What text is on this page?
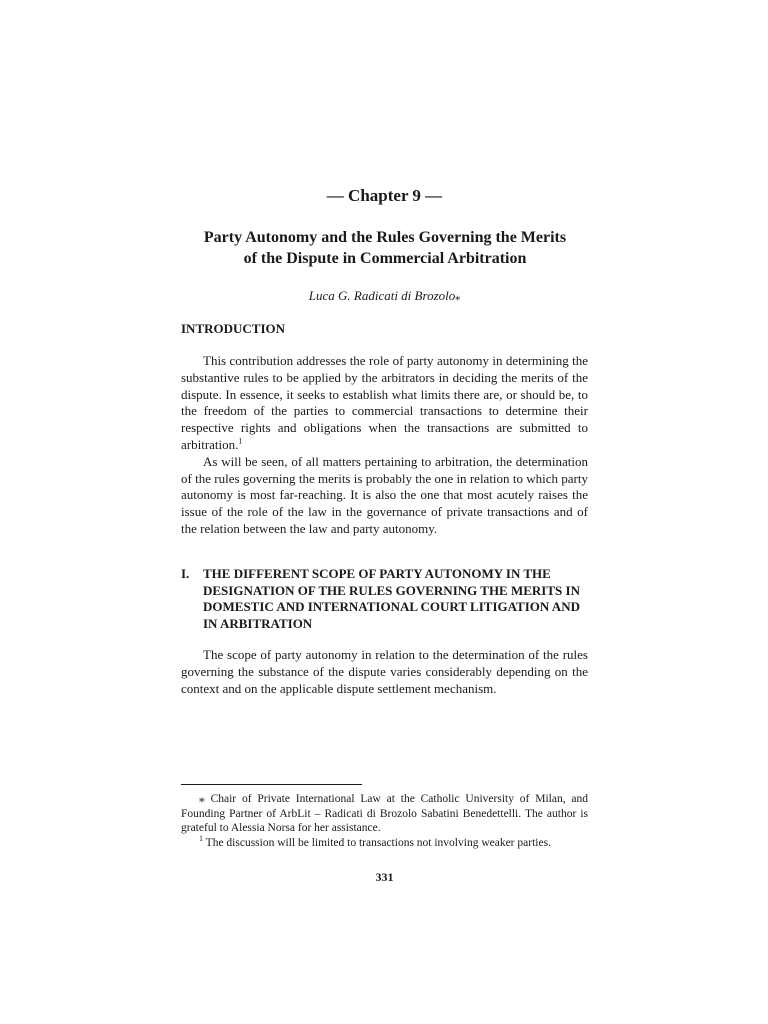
— Chapter 9 —
Party Autonomy and the Rules Governing the Merits
of the Dispute in Commercial Arbitration
Luca G. Radicati di Brozolo⁎
INTRODUCTION

This contribution addresses the role of party autonomy in determining the substantive rules to be applied by the arbitrators in deciding the merits of the dispute. In essence, it seeks to establish what limits there are, or should be, to the freedom of the parties to commercial transactions to determine their respective rights and obligations when the transactions are submitted to arbitration.$^1$

As will be seen, of all matters pertaining to arbitration, the determination of the rules governing the merits is probably the one in relation to which party autonomy is most far-reaching. It is also the one that most acutely raises the issue of the role of the law in the governance of private transactions and of the relation between the law and party autonomy.

I.	THE DIFFERENT SCOPE OF PARTY AUTONOMY IN THE DESIGNATION OF THE RULES GOVERNING THE MERITS IN DOMESTIC AND INTERNATIONAL COURT LITIGATION AND IN ARBITRATION

The scope of party autonomy in relation to the determination of the rules governing the substance of the dispute varies considerably depending on the context and on the applicable dispute settlement mechanism.

⁎ Chair of Private International Law at the Catholic University of Milan, and Founding Partner of ArbLit – Radicati di Brozolo Sabatini Benedettelli. The author is grateful to Alessia Norsa for her assistance.

$^1$ The discussion will be limited to transactions not involving weaker parties.

331
